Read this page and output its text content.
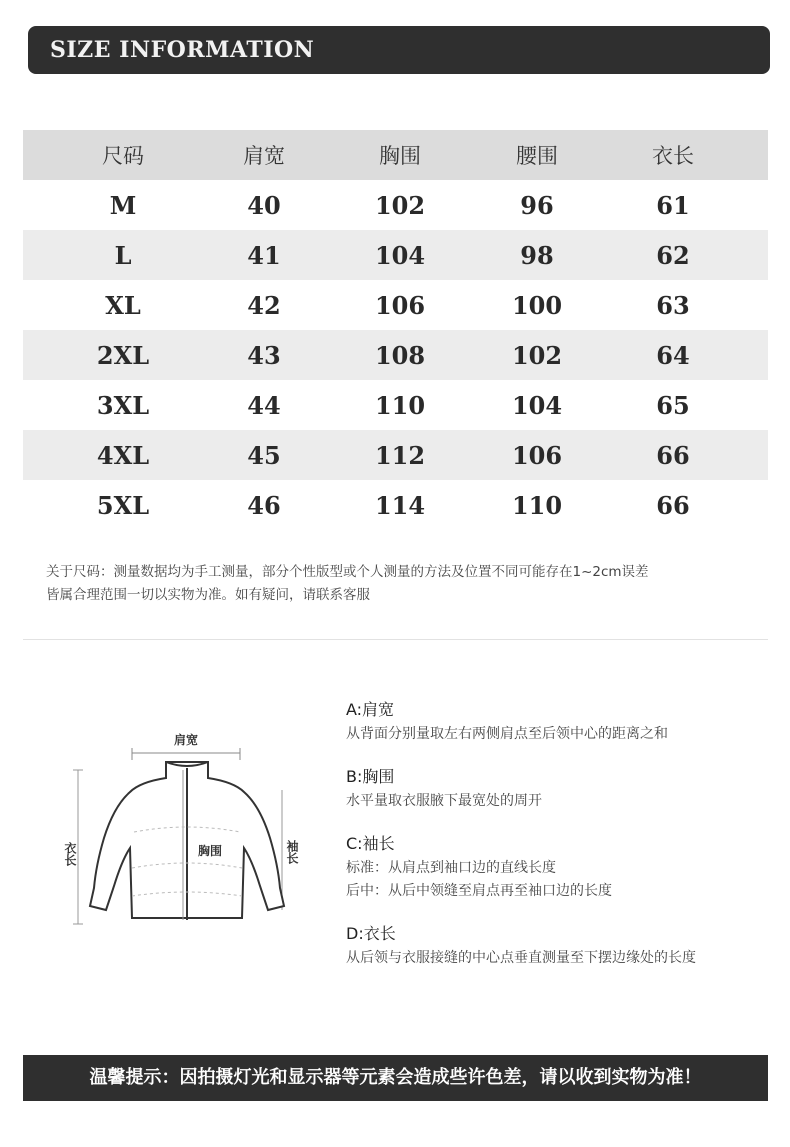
SIZE INFORMATION
尺码	肩宽	胸围	腰围	衣长
M	40	102	96	61
L	41	104	98	62
XL	42	106	100	63
2XL	43	108	102	64
3XL	44	110	104	65
4XL	45	112	106	66
5XL	46	114	110	66
关于尺码：测量数据均为手工测量，部分个性版型或个人测量的方法及位置不同可能存在1~2cm误差
皆属合理范围一切以实物为准。如有疑问，请联系客服
肩宽
衣长	袖长
胸围
A:肩宽
从背面分别量取左右两侧肩点至后领中心的距离之和
B:胸围
水平量取衣服腋下最宽处的周开
C:袖长
标准：从肩点到袖口边的直线长度
后中：从后中领缝至肩点再至袖口边的长度
D:衣长
从后领与衣服接缝的中心点垂直测量至下摆边缘处的长度
温馨提示：因拍摄灯光和显示器等元素会造成些许色差，请以收到实物为准！
